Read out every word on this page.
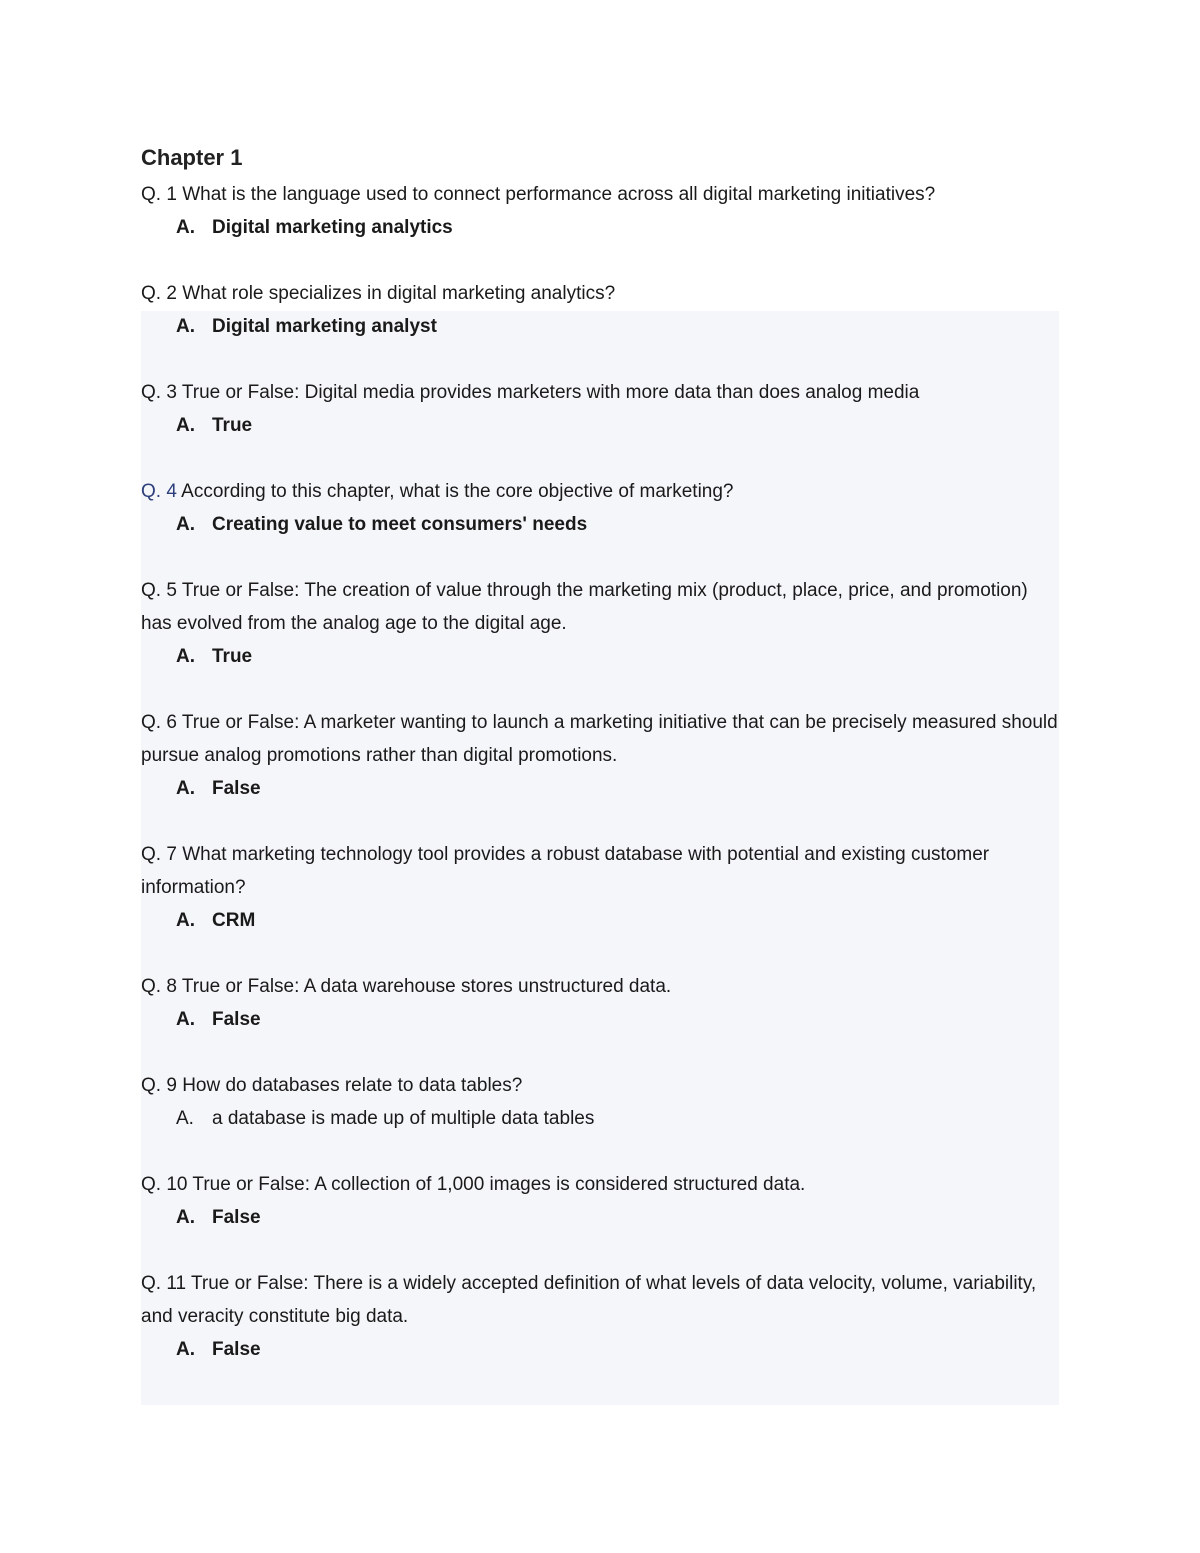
Chapter 1

Q. 1 What is the language used to connect performance across all digital marketing initiatives?

A. Digital marketing analytics

Q. 2 What role specializes in digital marketing analytics?

A. Digital marketing analyst

Q. 3 True or False: Digital media provides marketers with more data than does analog media

A. True

Q. 4 According to this chapter, what is the core objective of marketing?

A. Creating value to meet consumers' needs

Q. 5 True or False: The creation of value through the marketing mix (product, place, price, and promotion) has evolved from the analog age to the digital age.

A. True

Q. 6 True or False: A marketer wanting to launch a marketing initiative that can be precisely measured should pursue analog promotions rather than digital promotions.

A. False

Q. 7 What marketing technology tool provides a robust database with potential and existing customer information?

A. CRM

Q. 8 True or False: A data warehouse stores unstructured data.

A. False

Q. 9 How do databases relate to data tables?

A. a database is made up of multiple data tables

Q. 10 True or False: A collection of 1,000 images is considered structured data.

A. False

Q. 11 True or False: There is a widely accepted definition of what levels of data velocity, volume, variability, and veracity constitute big data.

A. False
